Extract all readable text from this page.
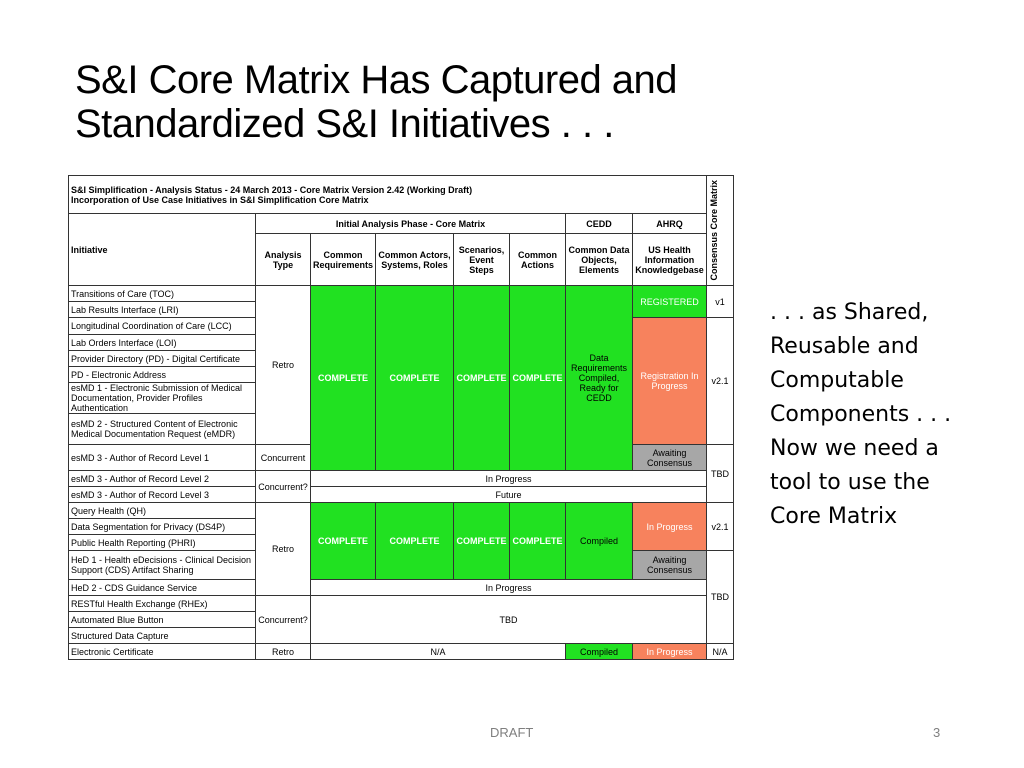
S&I Core Matrix Has Captured and
Standardized S&I Initiatives . . .
S&I Simplification - Analysis Status - 24 March 2013 - Core Matrix Version 2.42 (Working Draft)
Incorporation of Use Case Initiatives in S&I Simplification Core Matrix								Consensus Core Matrix

Initiative	Initial Analysis Phase - Core Matrix					CEDD	AHRQ	
	Analysis Type	Common Requirements	Common Actors, Systems, Roles	Scenarios, Event Steps	Common Actions	Common Data Objects, Elements	US Health Information Knowledgebase	
Transitions of Care (TOC)	Retro	COMPLETE	COMPLETE	COMPLETE	COMPLETE	Data Requirements Compiled, Ready for CEDD	REGISTERED	v1
Lab Results Interface (LRI)								
Longitudinal Coordination of Care (LCC)							Registration In Progress	v2.1
Lab Orders Interface (LOI)								
Provider Directory (PD) - Digital Certificate								
PD - Electronic Address								
esMD 1 - Electronic Submission of Medical Documentation, Provider Profiles Authentication								
esMD 2 - Structured Content of Electronic Medical Documentation Request (eMDR)								
esMD 3 - Author of Record Level 1	Concurrent						Awaiting Consensus	TBD
esMD 3 - Author of Record Level 2	Concurrent?	In Progress						
esMD 3 - Author of Record Level 3		Future						
Query Health (QH)	Retro	COMPLETE	COMPLETE	COMPLETE	COMPLETE	Compiled	In Progress	v2.1
Data Segmentation for Privacy (DS4P)								
Public Health Reporting (PHRI)								
HeD 1 - Health eDecisions - Clinical Decision Support (CDS) Artifact Sharing							Awaiting Consensus	TBD
HeD 2 - CDS Guidance Service		In Progress						
RESTful Health Exchange (RHEx)	Concurrent?	TBD						
Automated Blue Button								
Structured Data Capture								
Electronic Certificate	Retro	N/A				Compiled	In Progress	N/A
. . . as Shared,
Reusable and
Computable
Components . . .
Now we need a
tool to use the
Core Matrix
DRAFT	3
